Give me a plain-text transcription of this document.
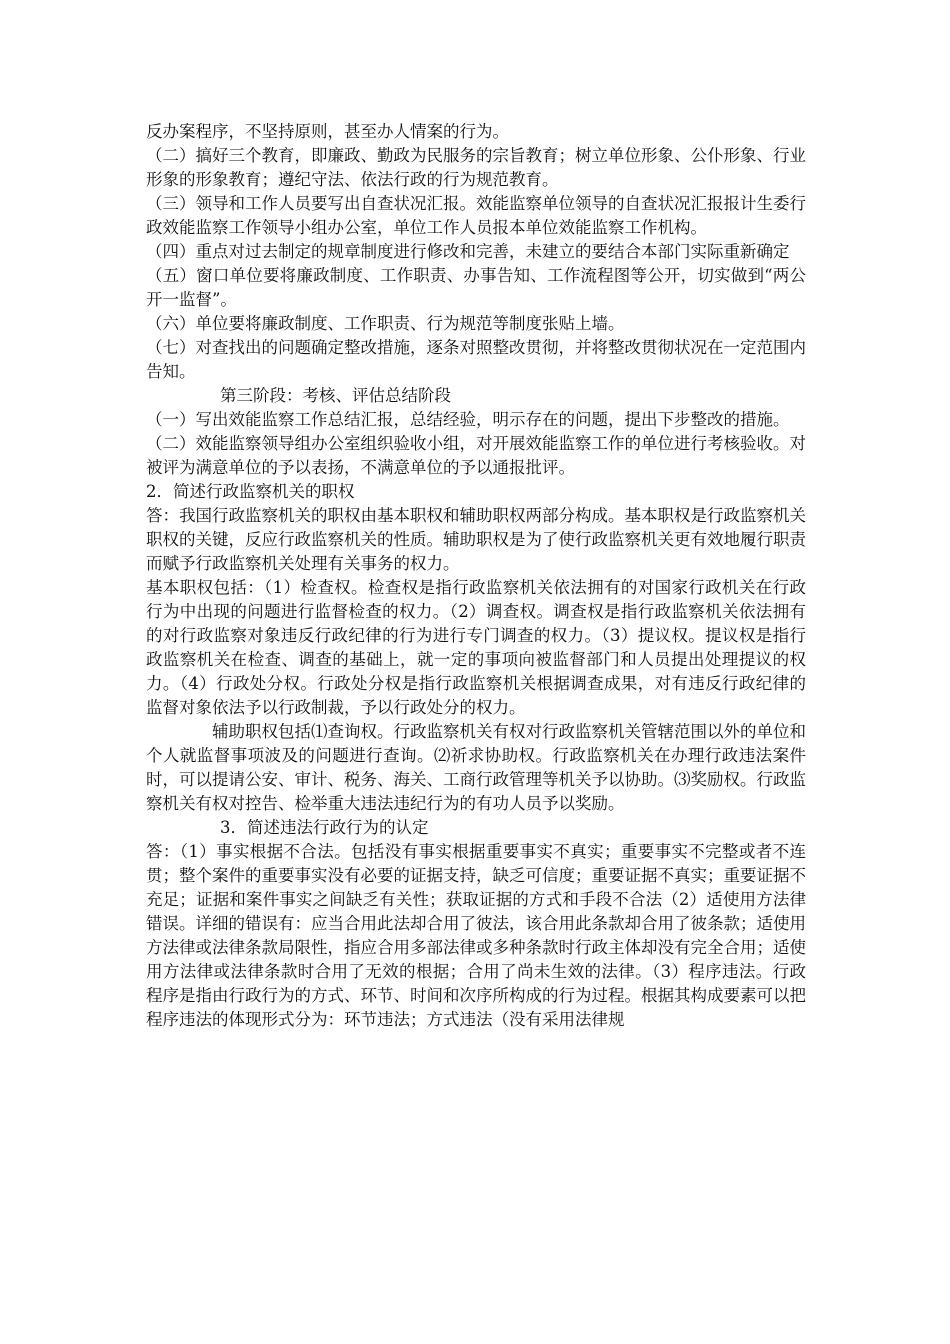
反办案程序，不坚持原则，甚至办人情案的行为。

（二）搞好三个教育，即廉政、勤政为民服务的宗旨教育；树立单位形象、公仆形象、行业形象的形象教育；遵纪守法、依法行政的行为规范教育。

（三）领导和工作人员要写出自查状况汇报。效能监察单位领导的自查状况汇报报计生委行政效能监察工作领导小组办公室，单位工作人员报本单位效能监察工作机构。

（四）重点对过去制定的规章制度进行修改和完善，未建立的要结合本部门实际重新确定

（五）窗口单位要将廉政制度、工作职责、办事告知、工作流程图等公开，切实做到“两公开一监督”。

（六）单位要将廉政制度、工作职责、行为规范等制度张贴上墙。

（七）对查找出的问题确定整改措施，逐条对照整改贯彻，并将整改贯彻状况在一定范围内告知。

第三阶段：考核、评估总结阶段

（一）写出效能监察工作总结汇报，总结经验，明示存在的问题，提出下步整改的措施。

（二）效能监察领导组办公室组织验收小组，对开展效能监察工作的单位进行考核验收。对被评为满意单位的予以表扬，不满意单位的予以通报批评。

2．简述行政监察机关的职权

答：我国行政监察机关的职权由基本职权和辅助职权两部分构成。基本职权是行政监察机关职权的关键，反应行政监察机关的性质。辅助职权是为了使行政监察机关更有效地履行职责而赋予行政监察机关处理有关事务的权力。

基本职权包括：（1）检查权。检查权是指行政监察机关依法拥有的对国家行政机关在行政行为中出现的问题进行监督检查的权力。（2）调查权。调查权是指行政监察机关依法拥有的对行政监察对象违反行政纪律的行为进行专门调查的权力。（3）提议权。提议权是指行政监察机关在检查、调查的基础上，就一定的事项向被监督部门和人员提出处理提议的权力。（4）行政处分权。行政处分权是指行政监察机关根据调查成果，对有违反行政纪律的监督对象依法予以行政制裁，予以行政处分的权力。

辅助职权包括⑴查询权。行政监察机关有权对行政监察机关管辖范围以外的单位和个人就监督事项波及的问题进行查询。⑵祈求协助权。行政监察机关在办理行政违法案件时，可以提请公安、审计、税务、海关、工商行政管理等机关予以协助。⑶奖励权。行政监察机关有权对控告、检举重大违法违纪行为的有功人员予以奖励。

3．简述违法行政行为的认定

答：（1）事实根据不合法。包括没有事实根据重要事实不真实；重要事实不完整或者不连贯；整个案件的重要事实没有必要的证据支持，缺乏可信度；重要证据不真实；重要证据不充足；证据和案件事实之间缺乏有关性；获取证据的方式和手段不合法（2）适使用方法律错误。详细的错误有：应当合用此法却合用了彼法，该合用此条款却合用了彼条款；适使用方法律或法律条款局限性，指应合用多部法律或多种条款时行政主体却没有完全合用；适使用方法律或法律条款时合用了无效的根据；合用了尚未生效的法律。（3）程序违法。行政程序是指由行政行为的方式、环节、时间和次序所构成的行为过程。根据其构成要素可以把程序违法的体现形式分为：环节违法；方式违法（没有采用法律规
